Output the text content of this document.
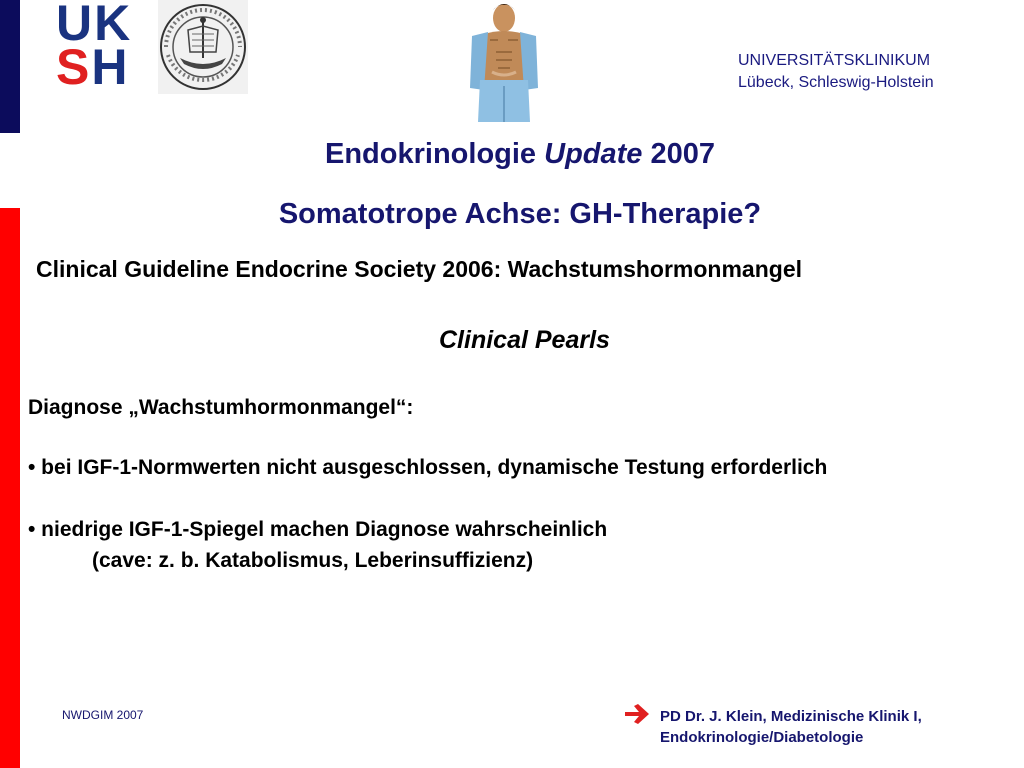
UK
SH	UNIVERSITÄTSKLINIKUM
Lübeck, Schleswig-Holstein
Endokrinologie Update 2007
Somatotrope Achse: GH-Therapie?
Clinical Guideline Endocrine Society 2006: Wachstumshormonmangel
Clinical Pearls
Diagnose „Wachstumhormonmangel“:
• bei IGF-1-Normwerten nicht ausgeschlossen, dynamische Testung erforderlich
• niedrige IGF-1-Spiegel machen Diagnose wahrscheinlich
(cave: z. b. Katabolismus, Leberinsuffizienz)
NWDGIM 2007	PD Dr. J. Klein, Medizinische Klinik I,
Endokrinologie/Diabetologie
